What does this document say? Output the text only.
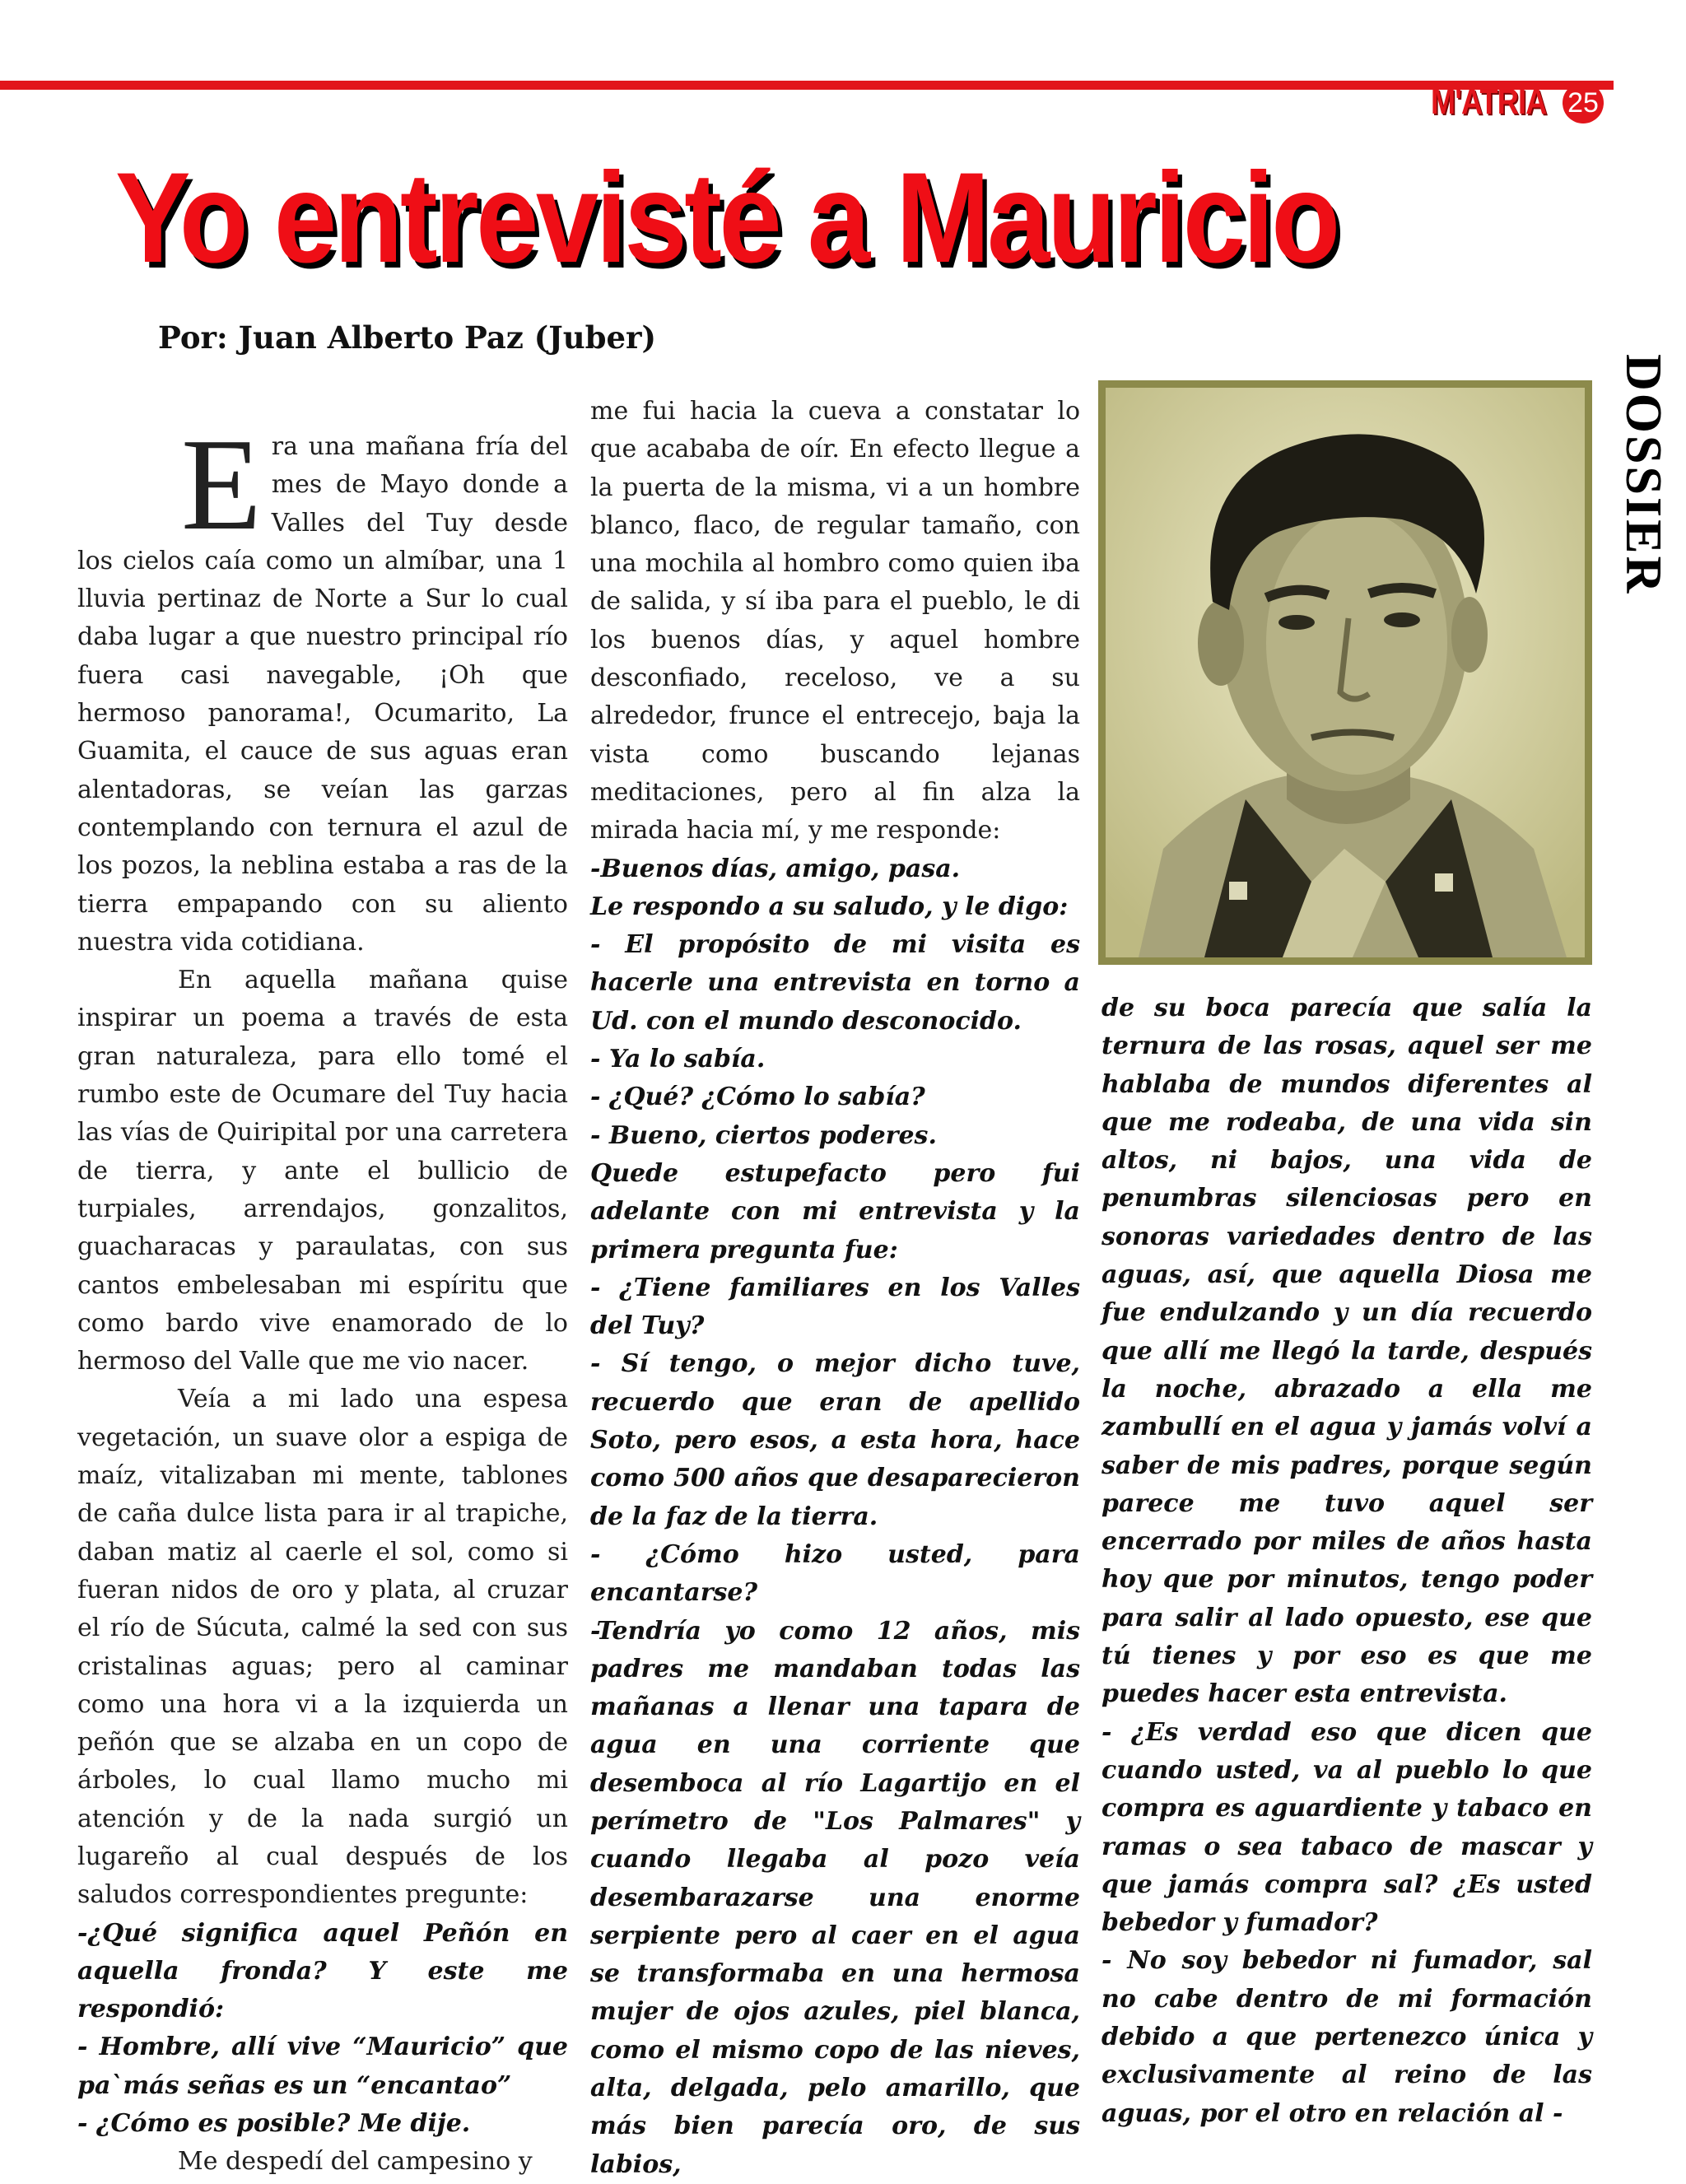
M'ATRIA 25
Yo entrevisté a Mauricio
Por: Juan Alberto Paz (Juber)
DOSSIER
E ra una mañana fría del mes de Mayo donde a Valles del Tuy desde los cielos caía como un almíbar, una 1 lluvia pertinaz de Norte a Sur lo cual daba lugar a que nuestro principal río fuera casi navegable, ¡Oh que hermoso panorama!, Ocumarito, La Guamita, el cauce de sus aguas eran alentadoras, se veían las garzas contemplando con ternura el azul de los pozos, la neblina estaba a ras de la tierra empapando con su aliento nuestra vida cotidiana.

En aquella mañana quise inspirar un poema a través de esta gran naturaleza, para ello tomé el rumbo este de Ocumare del Tuy hacia las vías de Quiripital por una carretera de tierra, y ante el bullicio de turpiales, arrendajos, gonzalitos, guacharacas y paraulatas, con sus cantos embelesaban mi espíritu que como bardo vive enamorado de lo hermoso del Valle que me vio nacer.

Veía a mi lado una espesa vegetación, un suave olor a espiga de maíz, vitalizaban mi mente, tablones de caña dulce lista para ir al trapiche, daban matiz al caerle el sol, como si fueran nidos de oro y plata, al cruzar el río de Súcuta, calmé la sed con sus cristalinas aguas; pero al caminar como una hora vi a la izquierda un peñón que se alzaba en un copo de árboles, lo cual llamo mucho mi atención y de la nada surgió un lugareño al cual después de los saludos correspondientes pregunte:

-¿Qué significa aquel Peñón en aquella fronda? Y este me respondió:

- Hombre, allí vive “Mauricio” que pa`más señas es un “encantao”

- ¿Cómo es posible? Me dije.

Me despedí del campesino y

me fui hacia la cueva a constatar lo que acababa de oír. En efecto llegue a la puerta de la misma, vi a un hombre blanco, flaco, de regular tamaño, con una mochila al hombro como quien iba de salida, y sí iba para el pueblo, le di los buenos días, y aquel hombre desconfiado, receloso, ve a su alrededor, frunce el entrecejo, baja la vista como buscando lejanas meditaciones, pero al fin alza la mirada hacia mí, y me responde:

-Buenos días, amigo, pasa.

Le respondo a su saludo, y le digo:

- El propósito de mi visita es hacerle una entrevista en torno a Ud. con el mundo desconocido.

- Ya lo sabía.

- ¿Qué? ¿Cómo lo sabía?

- Bueno, ciertos poderes.

Quede estupefacto pero fui adelante con mi entrevista y la primera pregunta fue:

- ¿Tiene familiares en los Valles del Tuy?

- Sí tengo, o mejor dicho tuve, recuerdo que eran de apellido Soto, pero esos, a esta hora, hace como 500 años que desaparecieron de la faz de la tierra.

- ¿Cómo hizo usted, para encantarse?

-Tendría yo como 12 años, mis padres me mandaban todas las mañanas a llenar una tapara de agua en una corriente que desemboca al río Lagartijo en el perímetro de "Los Palmares" y cuando llegaba al pozo veía desembarazarse una enorme serpiente pero al caer en el agua se transformaba en una hermosa mujer de ojos azules, piel blanca, como el mismo copo de las nieves, alta, delgada, pelo amarillo, que más bien parecía oro, de sus labios,

de su boca parecía que salía la ternura de las rosas, aquel ser me hablaba de mundos diferentes al que me rodeaba, de una vida sin altos, ni bajos, una vida de penumbras silenciosas pero en sonoras variedades dentro de las aguas, así, que aquella Diosa me fue endulzando y un día recuerdo que allí me llegó la tarde, después la noche, abrazado a ella me zambullí en el agua y jamás volví a saber de mis padres, porque según parece me tuvo aquel ser encerrado por miles de años hasta hoy que por minutos, tengo poder para salir al lado opuesto, ese que tú tienes y por eso es que me puedes hacer esta entrevista.

- ¿Es verdad eso que dicen que cuando usted, va al pueblo lo que compra es aguardiente y tabaco en ramas o sea tabaco de mascar y que jamás compra sal? ¿Es usted bebedor y fumador?

- No soy bebedor ni fumador, sal no cabe dentro de mi formación debido a que pertenezco única y exclusivamente al reino de las aguas, por el otro en relación al -
